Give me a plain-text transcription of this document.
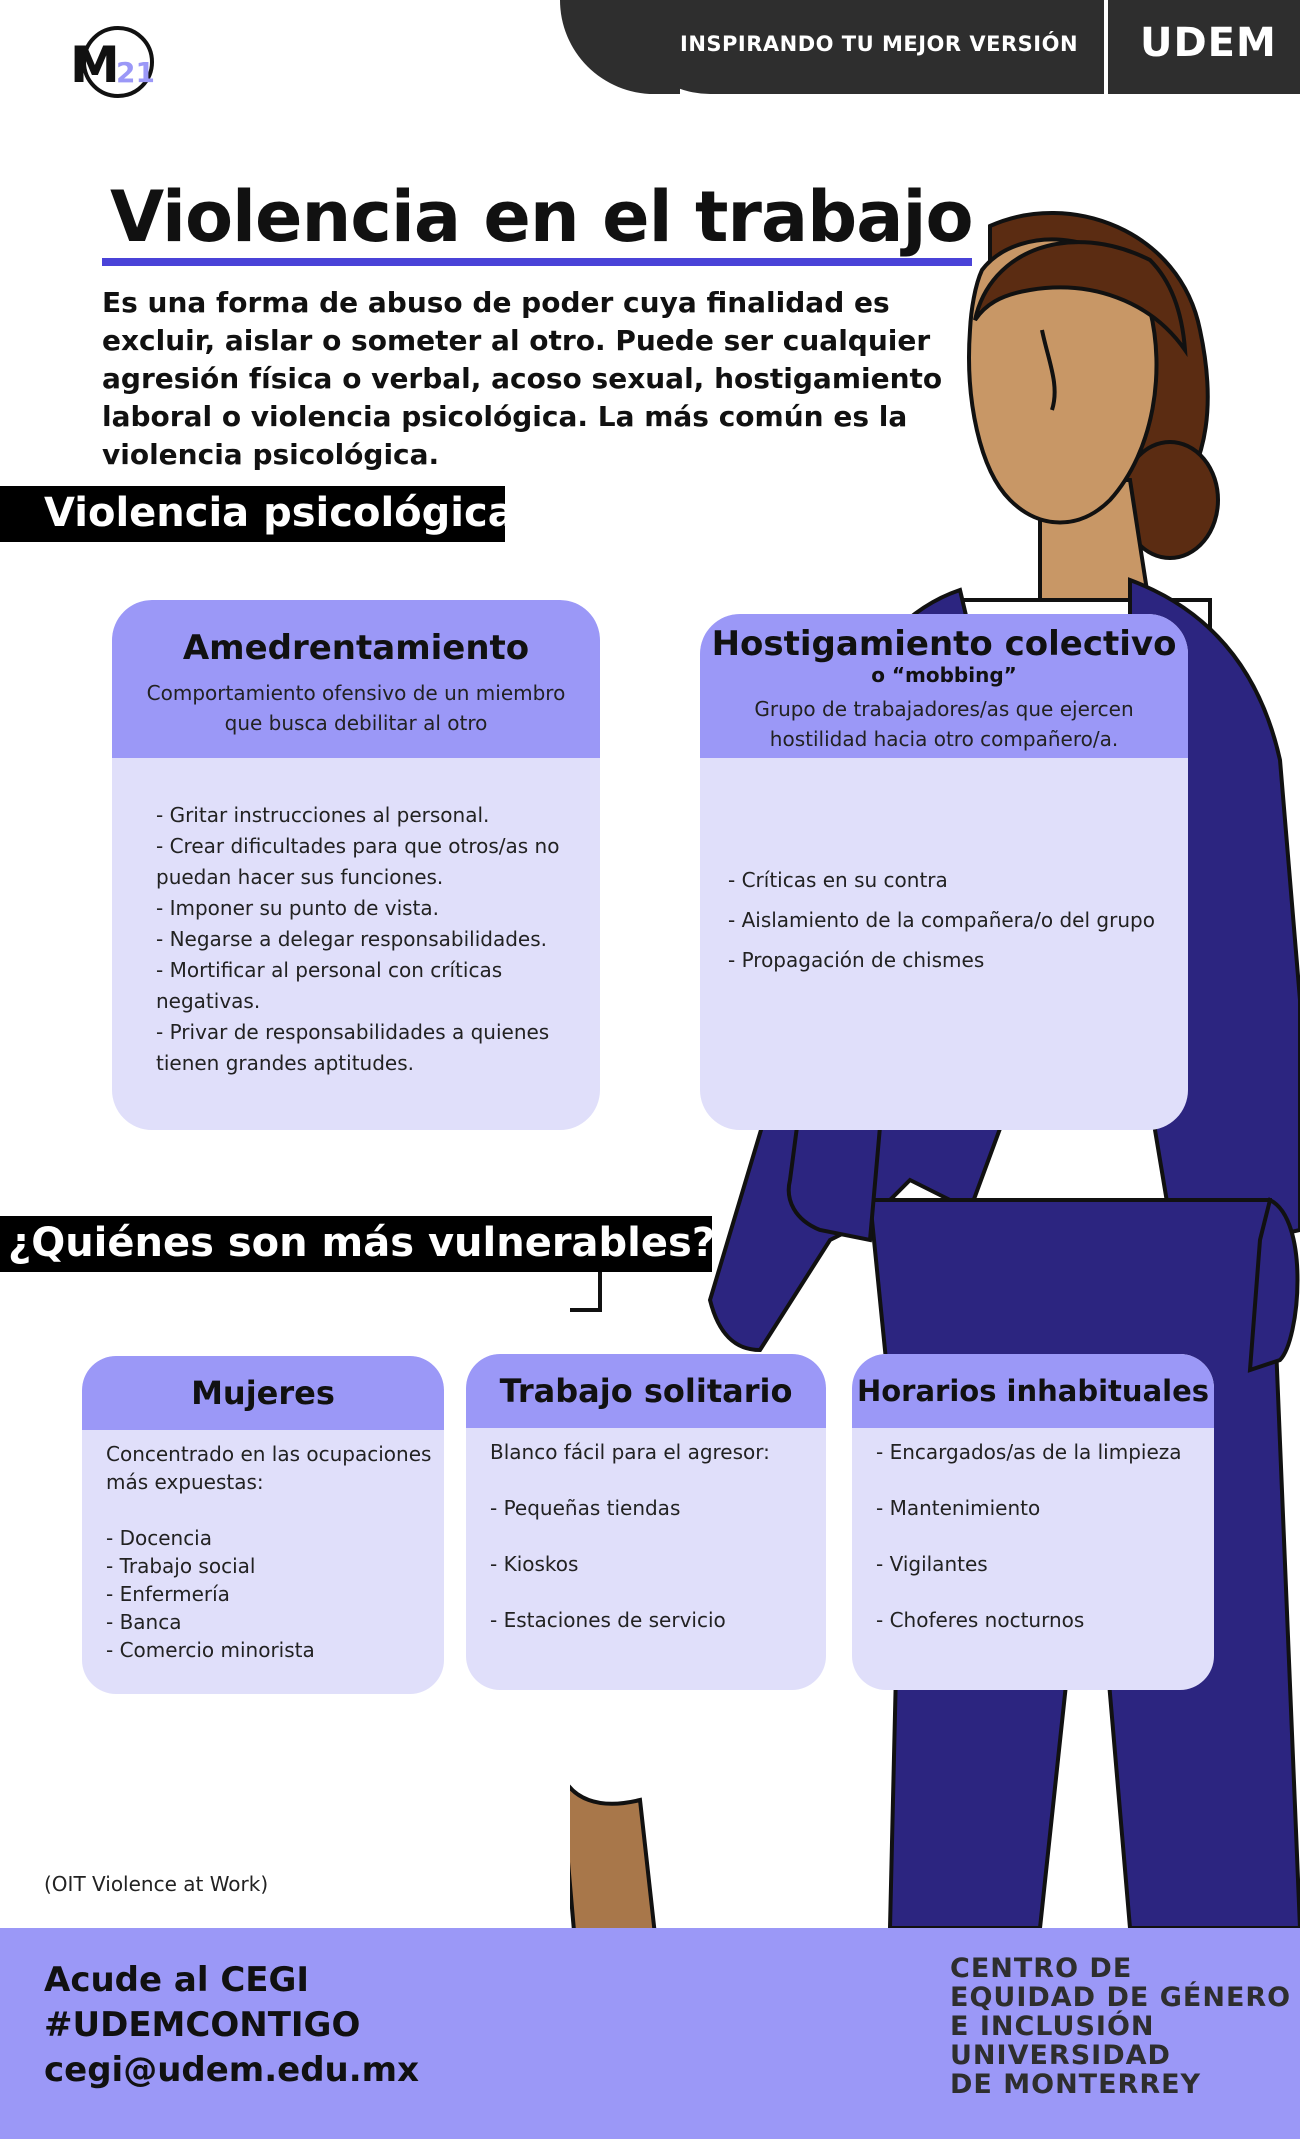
INSPIRANDO TU MEJOR VERSIÓN UDEM
M
21
Violencia en el trabajo
Es una forma de abuso de poder cuya finalidad es excluir, aislar o someter al otro. Puede ser cualquier agresión física o verbal, acoso sexual, hostigamiento laboral o violencia psicológica. La más común es la violencia psicológica.
Violencia psicológica
Amedrentamiento
Comportamiento ofensivo de un miembro que busca debilitar al otro
- Gritar instrucciones al personal.
- Crear dificultades para que otros/as no puedan hacer sus funciones.
- Imponer su punto de vista.
- Negarse a delegar responsabilidades.
- Mortificar al personal con críticas negativas.
- Privar de responsabilidades a quienes tienen grandes aptitudes.
Hostigamiento colectivo
o “mobbing”
Grupo de trabajadores/as que ejercen hostilidad hacia otro compañero/a.
- Críticas en su contra
- Aislamiento de la compañera/o del grupo
- Propagación de chismes
¿Quiénes son más vulnerables?
Mujeres
Concentrado en las ocupaciones más expuestas:
- Docencia
- Trabajo social
- Enfermería
- Banca
- Comercio minorista
Trabajo solitario
Blanco fácil para el agresor:
- Pequeñas tiendas
- Kioskos
- Estaciones de servicio
Horarios inhabituales
- Encargados/as de la limpieza
- Mantenimiento
- Vigilantes
- Choferes nocturnos
(OIT Violence at Work)
Acude al CEGI
#UDEMCONTIGO
cegi@udem.edu.mx
CENTRO DE
EQUIDAD DE GÉNERO
E INCLUSIÓN
UNIVERSIDAD
DE MONTERREY
